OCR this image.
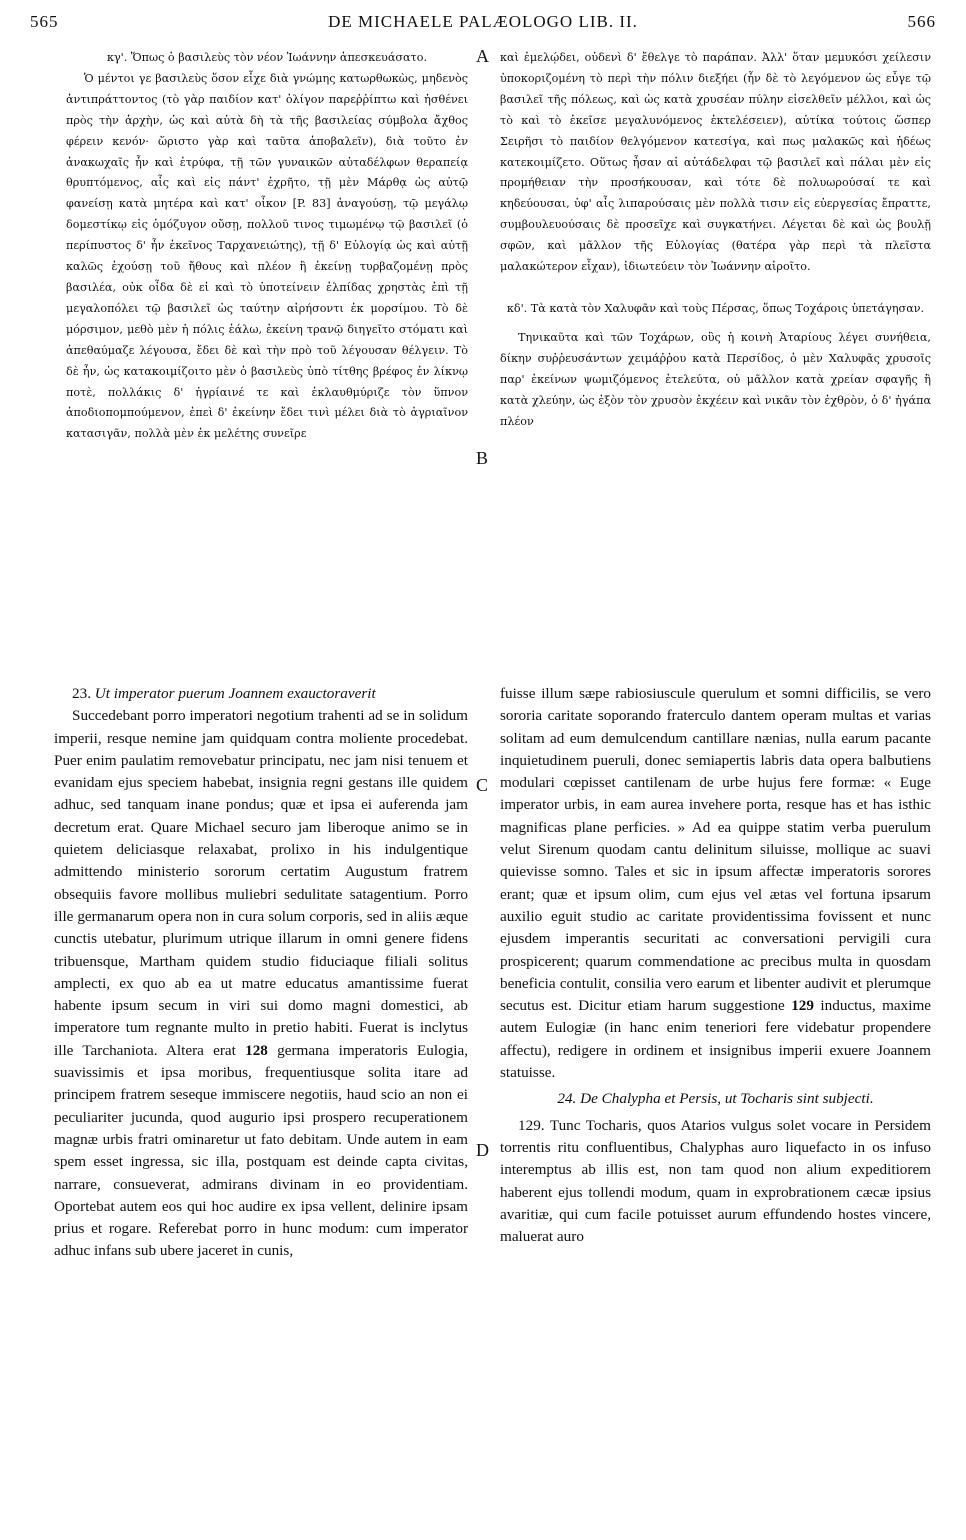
565	DE MICHAELE PALÆOLOGO LIB. II.	566
A
B
C
D

κγ'. Ὅπως ὁ βασιλεὺς τὸν νέον Ἰωάννην ἀπεσκευάσατο.

Ὁ μέντοι γε βασιλεὺς ὅσον εἶχε διὰ γνώμης κατωρθωκὼς, μηδενὸς ἀντιπράττοντος (τὸ γὰρ παιδίον κατ' ὀλίγον παρεῤῥίπτω καὶ ἠσθένει πρὸς τὴν ἀρχὴν, ὡς καὶ αὐτὰ δὴ τὰ τῆς βασιλείας σύμβολα ἄχθος φέρειν κενόν· ὥριστο γὰρ καὶ ταῦτα ἀποβαλεῖν), διὰ τοῦτο ἐν ἀνακωχαῖς ἦν καὶ ἐτρύφα, τῇ τῶν γυναικῶν αὐταδέλφων θεραπείᾳ θρυπτόμενος, αἷς καὶ εἰς πάντ' ἐχρῆτο, τῇ μὲν Μάρθᾳ ὡς αὐτῷ φανείσῃ κατὰ μητέρα καὶ κατ' οἶκον [P. 83] ἀναγούσῃ, τῷ μεγάλῳ δομεστίκῳ εἰς ὁμόζυγον οὔσῃ, πολλοῦ τινος τιμωμένῳ τῷ βασιλεῖ (ὁ περίπυστος δ' ἦν ἐκεῖνος Ταρχανειώτης), τῇ δ' Εὐλογίᾳ ὡς καὶ αὐτῇ καλῶς ἐχούσῃ τοῦ ἤθους καὶ πλέον ἢ ἐκείνῃ τυρβαζομένῃ πρὸς βασιλέα, οὐκ οἶδα δὲ εἰ καὶ τὸ ὑποτείνειν ἐλπίδας χρηστὰς ἐπὶ τῇ μεγαλοπόλει τῷ βασιλεῖ ὡς ταύτην αἱρήσοντι ἐκ μορσίμου. Τὸ δὲ μόρσιμον, μεθὸ μὲν ἡ πόλις ἑάλω, ἐκείνη τρανῷ διηγεῖτο στόματι καὶ ἀπεθαύμαζε λέγουσα, ἔδει δὲ καὶ τὴν πρὸ τοῦ λέγουσαν θέλγειν. Τὸ δὲ ἦν, ὡς κατακοιμίζοιτο μὲν ὁ βασιλεὺς ὑπὸ τίτθης βρέφος ἐν λίκνῳ ποτὲ, πολλάκις δ' ἠγρίαινέ τε καὶ ἐκλαυθμύριζε τὸν ὕπνον ἀποδιοπομπούμενον, ἐπεὶ δ' ἐκείνην ἔδει τινὶ μέλει διὰ τὸ ἀγριαῖνον κατασιγᾶν, πολλὰ μὲν ἐκ μελέτης συνεῖρε

καὶ ἐμελῴδει, οὐδενὶ δ' ἔθελγε τὸ παράπαν. Ἀλλ' ὅταν μεμυκόσι χείλεσιν ὑποκοριζομένη τὸ περὶ τὴν πόλιν διεξήει (ἦν δὲ τὸ λεγόμενον ὡς εὖγε τῷ βασιλεῖ τῆς πόλεως, καὶ ὡς κατὰ χρυσέαν πύλην εἰσελθεῖν μέλλοι, καὶ ὡς τὸ καὶ τὸ ἐκεῖσε μεγαλυνόμενος ἐκτελέσειεν), αὐτίκα τούτοις ὥσπερ Σειρῆσι τὸ παιδίον θελγόμενον κατεσίγα, καὶ πως μαλακῶς καὶ ἡδέως κατεκοιμίζετο. Οὕτως ἦσαν αἱ αὐτάδελφαι τῷ βασιλεῖ καὶ πάλαι μὲν εἰς προμήθειαν τὴν προσήκουσαν, καὶ τότε δὲ πολυωρούσαί τε καὶ κηδεύουσαι, ὑφ' αἷς λιπαρούσαις μὲν πολλὰ τισιν εἰς εὐεργεσίας ἔπραττε, συμβουλευούσαις δὲ προσεῖχε καὶ συγκατήνει. Λέγεται δὲ καὶ ὡς βουλῇ σφῶν, καὶ μᾶλλον τῆς Εὐλογίας (θατέρα γὰρ περὶ τὰ πλεῖστα μαλακώτερον εἶχαν), ἰδιωτεύειν τὸν Ἰωάννην αἱροῖτο.

κδ'. Τὰ κατὰ τὸν Χαλυφᾶν καὶ τοὺς Πέρσας, ὅπως Τοχάροις ὑπετάγησαν.

Τηνικαῦτα καὶ τῶν Τοχάρων, οὓς ἡ κοινὴ Ἀταρίους λέγει συνήθεια, δίκην συῤῥευσάντων χειμάῤῥου κατὰ Περσίδος, ὁ μὲν Χαλυφᾶς χρυσοῖς παρ' ἐκείνων ψωμιζόμενος ἐτελεύτα, οὐ μᾶλλον κατὰ χρείαν σφαγῆς ἢ κατὰ χλεύην, ὡς ἐξὸν τὸν χρυσὸν ἐκχέειν καὶ νικᾶν τὸν ἐχθρὸν, ὁ δ' ἠγάπα πλέον

23. Ut imperator puerum Joannem exauctoraverit

Succedebant porro imperatori negotium trahenti ad se in solidum imperii, resque nemine jam quidquam contra moliente procedebat. Puer enim paulatim removebatur principatu, nec jam nisi tenuem et evanidam ejus speciem habebat, insignia regni gestans ille quidem adhuc, sed tanquam inane pondus; quæ et ipsa ei auferenda jam decretum erat. Quare Michael securo jam liberoque animo se in quietem deliciasque relaxabat, prolixo in his indulgentique admittendo ministerio sororum certatim Augustum fratrem obsequiis favore mollibus muliebri sedulitate satagentium. Porro ille germanarum opera non in cura solum corporis, sed in aliis æque cunctis utebatur, plurimum utrique illarum in omni genere fidens tribuensque, Martham quidem studio fiduciaque filiali solitus amplecti, ex quo ab ea ut matre educatus amantissime fuerat habente ipsum secum in viri sui domo magni domestici, ab imperatore tum regnante multo in pretio habiti. Fuerat is inclytus ille Tarchaniota. Altera erat 128 germana imperatoris Eulogia, suavissimis et ipsa moribus, frequentiusque solita itare ad principem fratrem seseque immiscere negotiis, haud scio an non ei peculiariter jucunda, quod augurio ipsi prospero recuperationem magnæ urbis fratri ominaretur ut fato debitam. Unde autem in eam spem esset ingressa, sic illa, postquam est deinde capta civitas, narrare, consueverat, admirans divinam in eo providentiam. Oportebat autem eos qui hoc audire ex ipsa vellent, delinire ipsam prius et rogare. Referebat porro in hunc modum: cum imperator adhuc infans sub ubere jaceret in cunis,

fuisse illum sæpe rabiosiuscule querulum et somni difficilis, se vero sororia caritate soporando fraterculo dantem operam multas et varias solitam ad eum demulcendum cantillare nænias, nulla earum pacante inquietudinem pueruli, donec semiapertis labris data opera balbutiens modulari cœpisset cantilenam de urbe hujus fere formæ: « Euge imperator urbis, in eam aurea invehere porta, resque has et has isthic magnificas plane perficies. » Ad ea quippe statim verba puerulum velut Sirenum quodam cantu delinitum siluisse, mollique ac suavi quievisse somno. Tales et sic in ipsum affectæ imperatoris sorores erant; quæ et ipsum olim, cum ejus vel ætas vel fortuna ipsarum auxilio eguit studio ac caritate providentissima fovissent et nunc ejusdem imperantis securitati ac conversationi pervigili cura prospicerent; quarum commendatione ac precibus multa in quosdam beneficia contulit, consilia vero earum et libenter audivit et plerumque secutus est. Dicitur etiam harum suggestione 129 inductus, maxime autem Eulogiæ (in hanc enim teneriori fere videbatur propendere affectu), redigere in ordinem et insignibus imperii exuere Joannem statuisse.

24. De Chalypha et Persis, ut Tocharis sint subjecti.

129. Tunc Tocharis, quos Atarios vulgus solet vocare in Persidem torrentis ritu confluentibus, Chalyphas auro liquefacto in os infuso interemptus ab illis est, non tam quod non alium expeditiorem haberent ejus tollendi modum, quam in exprobrationem cæcæ ipsius avaritiæ, qui cum facile potuisset aurum effundendo hostes vincere, maluerat auro
